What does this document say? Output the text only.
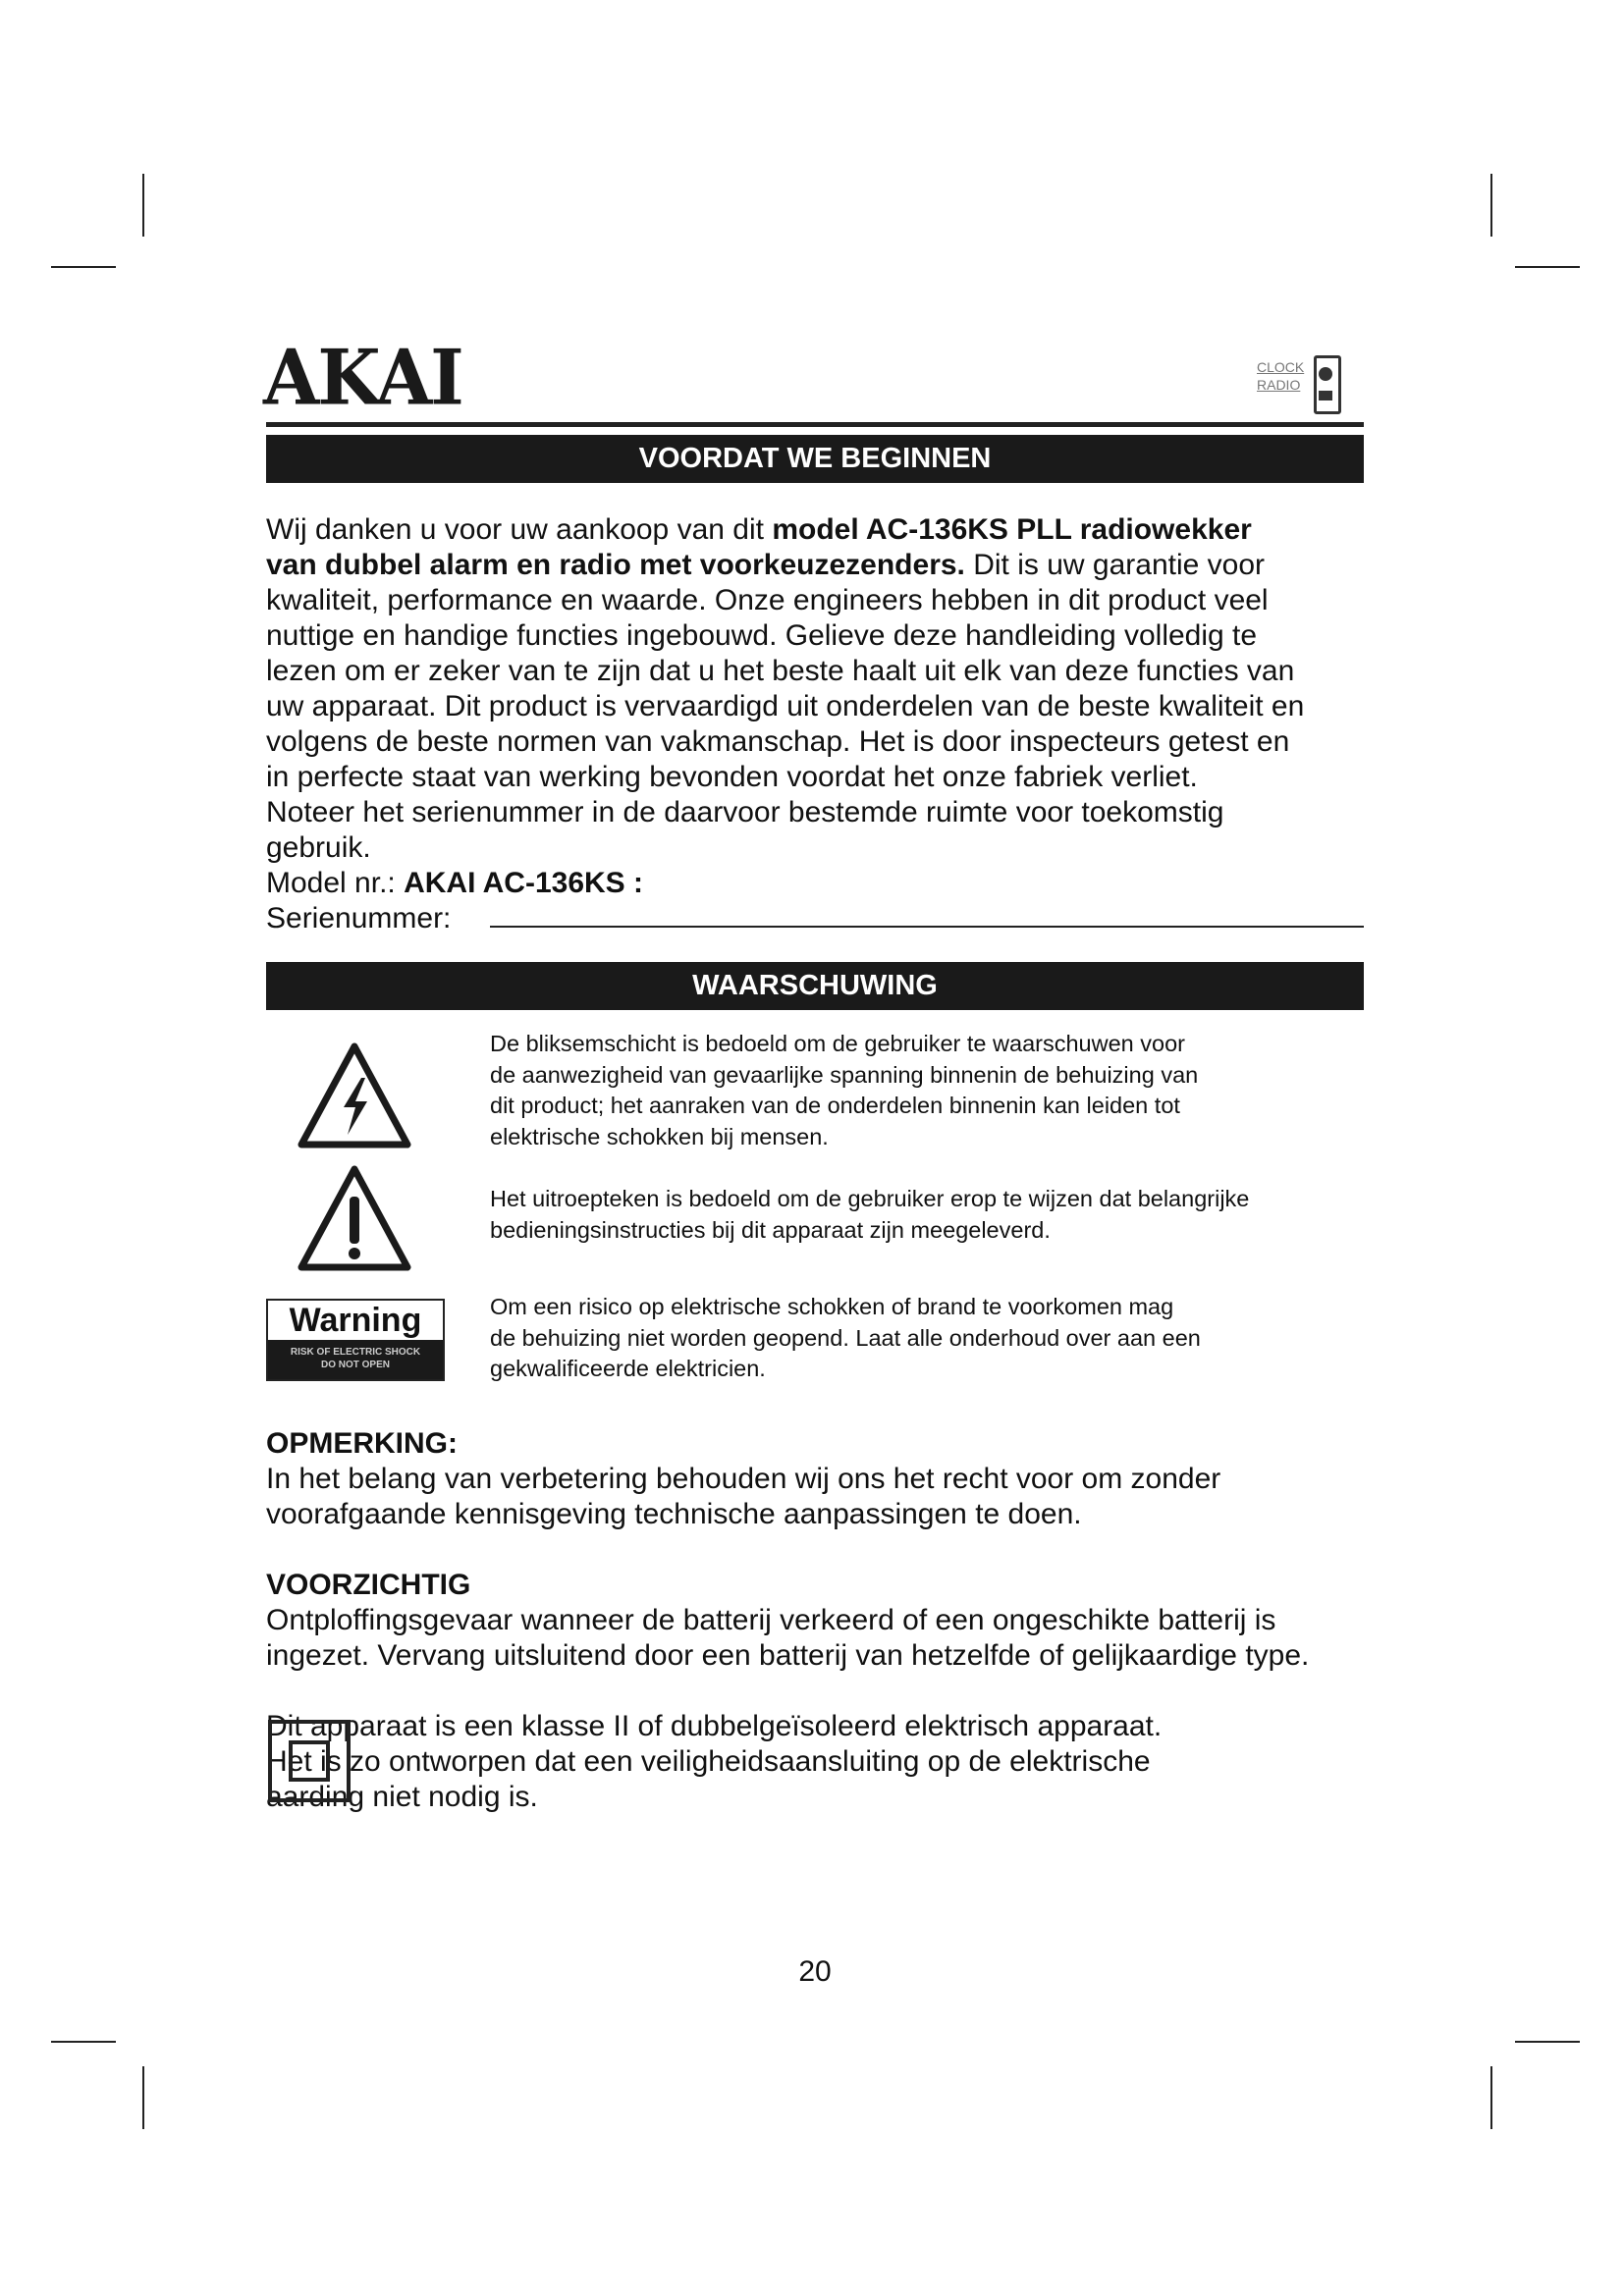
AKAI	CLOCK
RADIO
VOORDAT WE BEGINNEN
Wij danken u voor uw aankoop van dit model AC-136KS PLL radiowekker
van dubbel alarm en radio met voorkeuzezenders. Dit is uw garantie voor
kwaliteit, performance en waarde. Onze engineers hebben in dit product veel
nuttige en handige functies ingebouwd. Gelieve deze handleiding volledig te
lezen om er zeker van te zijn dat u het beste haalt uit elk van deze functies van
uw apparaat. Dit product is vervaardigd uit onderdelen van de beste kwaliteit en
volgens de beste normen van vakmanschap. Het is door inspecteurs getest en
in perfecte staat van werking bevonden voordat het onze fabriek verliet.
Noteer het serienummer in de daarvoor bestemde ruimte voor toekomstig
gebruik.
Model nr.: AKAI AC-136KS :
Serienummer:
WAARSCHUWING
De bliksemschicht is bedoeld om de gebruiker te waarschuwen voor
de aanwezigheid van gevaarlijke spanning binnenin de behuizing van
dit product; het aanraken van de onderdelen binnenin kan leiden tot
elektrische schokken bij mensen.
Het uitroepteken is bedoeld om de gebruiker erop te wijzen dat belangrijke
bedieningsinstructies bij dit apparaat zijn meegeleverd.
Warning
RISK OF ELECTRIC SHOCK
DO NOT OPEN
Om een risico op elektrische schokken of brand te voorkomen mag
de behuizing niet worden geopend. Laat alle onderhoud over aan een
gekwalificeerde elektricien.
OPMERKING:
In het belang van verbetering behouden wij ons het recht voor om zonder
voorafgaande kennisgeving technische aanpassingen te doen.
VOORZICHTIG
Ontploffingsgevaar wanneer de batterij verkeerd of een ongeschikte batterij is
ingezet. Vervang uitsluitend door een batterij van hetzelfde of gelijkaardige type.
Dit apparaat is een klasse II of dubbelgeïsoleerd elektrisch apparaat.
Het is zo ontworpen dat een veiligheidsaansluiting op de elektrische
aarding niet nodig is.
20
